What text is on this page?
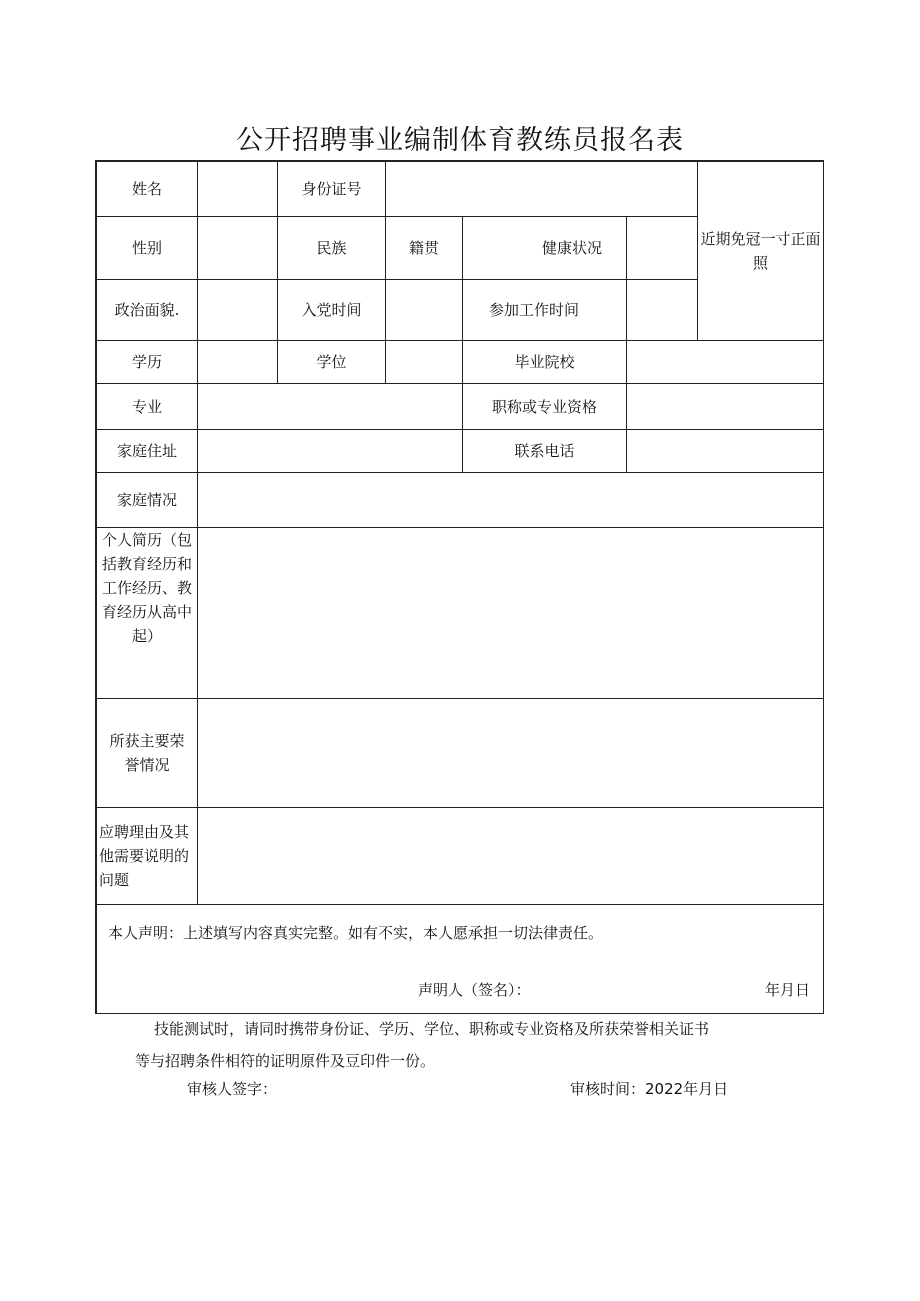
公开招聘事业编制体育教练员报名表
姓名	身份证号
近期免冠一寸正面照
性别	民族	籍贯	健康状况
政治面貌.	入党时间	参加工作时间
学历	学位	毕业院校
专业	职称或专业资格
家庭住址	联系电话
家庭情况
个人简历（包括教育经历和工作经历、教育经历从高中起）
所获主要荣誉情况
应聘理由及其他需要说明的问题
本人声明：上述填写内容真实完整。如有不实，本人愿承担一切法律责任。
声明人（签名）：	年月日
技能测试时，请同时携带身份证、学历、学位、职称或专业资格及所获荣誉相关证书
等与招聘条件相符的证明原件及豆印件一份。
审核人签字：	审核时间：2022年月日
